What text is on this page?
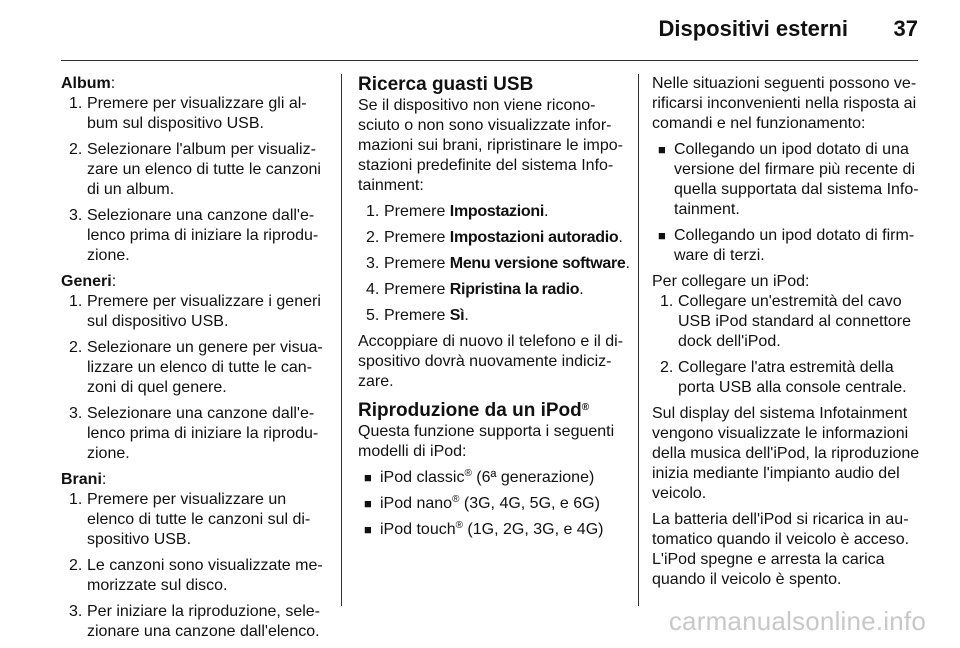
Dispositivi esterni 37
Album:
1. Premere per visualizzare gli al-
bum sul dispositivo USB.
2. Selezionare l'album per visualiz-
zare un elenco di tutte le canzoni
di un album.
3. Selezionare una canzone dall'e-
lenco prima di iniziare la riprodu-
zione.
Generi:
1. Premere per visualizzare i generi
sul dispositivo USB.
2. Selezionare un genere per visua-
lizzare un elenco di tutte le can-
zoni di quel genere.
3. Selezionare una canzone dall'e-
lenco prima di iniziare la riprodu-
zione.
Brani:
1. Premere per visualizzare un
elenco di tutte le canzoni sul di-
spositivo USB.
2. Le canzoni sono visualizzate me-
morizzate sul disco.
3. Per iniziare la riproduzione, sele-
zionare una canzone dall'elenco.
Ricerca guasti USB
Se il dispositivo non viene ricono-
sciuto o non sono visualizzate infor-
mazioni sui brani, ripristinare le impo-
stazioni predefinite del sistema Info-
tainment:
1. Premere Impostazioni.
2. Premere Impostazioni autoradio.
3. Premere Menu versione software.
4. Premere Ripristina la radio.
5. Premere Sì.
Accoppiare di nuovo il telefono e il di-
spositivo dovrà nuovamente indiciz-
zare.
Riproduzione da un iPod®
Questa funzione supporta i seguenti
modelli di iPod:
■ iPod classic® (6ª generazione)
■ iPod nano® (3G, 4G, 5G, e 6G)
■ iPod touch® (1G, 2G, 3G, e 4G)
Nelle situazioni seguenti possono ve-
rificarsi inconvenienti nella risposta ai
comandi e nel funzionamento:
■ Collegando un ipod dotato di una
versione del firmare più recente di
quella supportata dal sistema Info-
tainment.
■ Collegando un ipod dotato di firm-
ware di terzi.
Per collegare un iPod:
1. Collegare un'estremità del cavo
USB iPod standard al connettore
dock dell'iPod.
2. Collegare l'atra estremità della
porta USB alla console centrale.
Sul display del sistema Infotainment
vengono visualizzate le informazioni
della musica dell'iPod, la riproduzione
inizia mediante l'impianto audio del
veicolo.
La batteria dell'iPod si ricarica in au-
tomatico quando il veicolo è acceso.
L'iPod spegne e arresta la carica
quando il veicolo è spento.
carmanualsonline.info
